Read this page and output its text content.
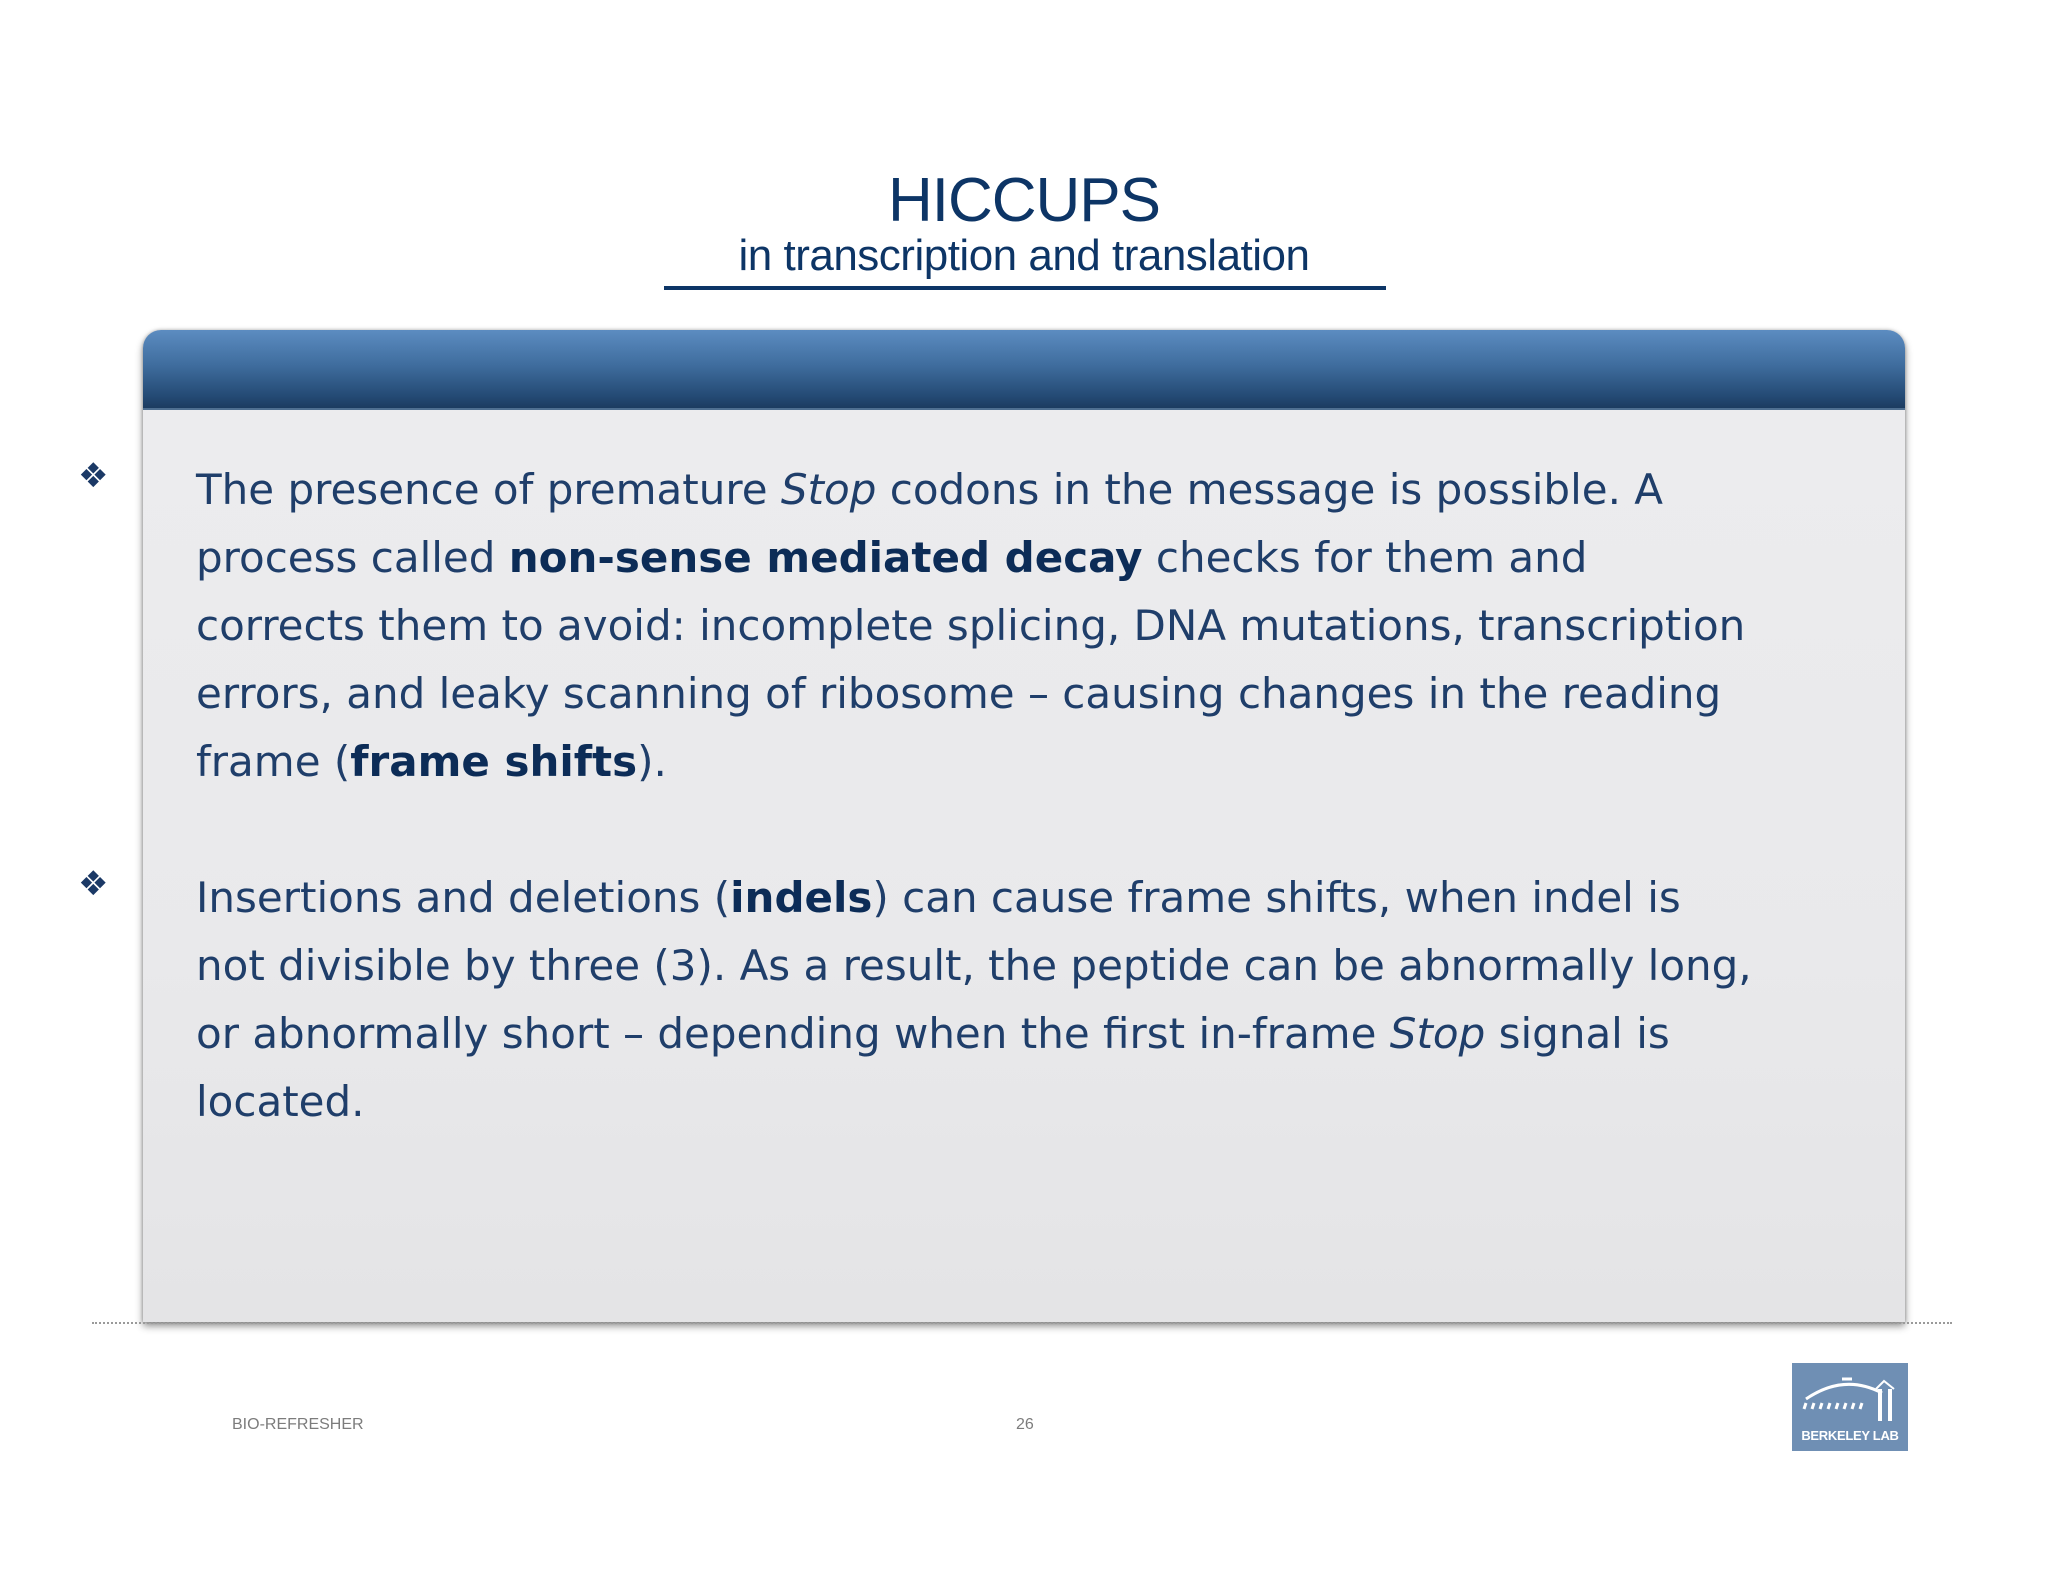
HICCUPS
in transcription and translation
❖ The presence of premature Stop codons in the message is possible. A process called non-sense mediated decay checks for them and corrects them to avoid: incomplete splicing, DNA mutations, transcription errors, and leaky scanning of ribosome – causing changes in the reading frame (frame shifts).
❖ Insertions and deletions (indels) can cause frame shifts, when indel is not divisible by three (3). As a result, the peptide can be abnormally long, or abnormally short – depending when the first in-frame Stop signal is located.
BIO-REFRESHER	26
BERKELEY LAB
